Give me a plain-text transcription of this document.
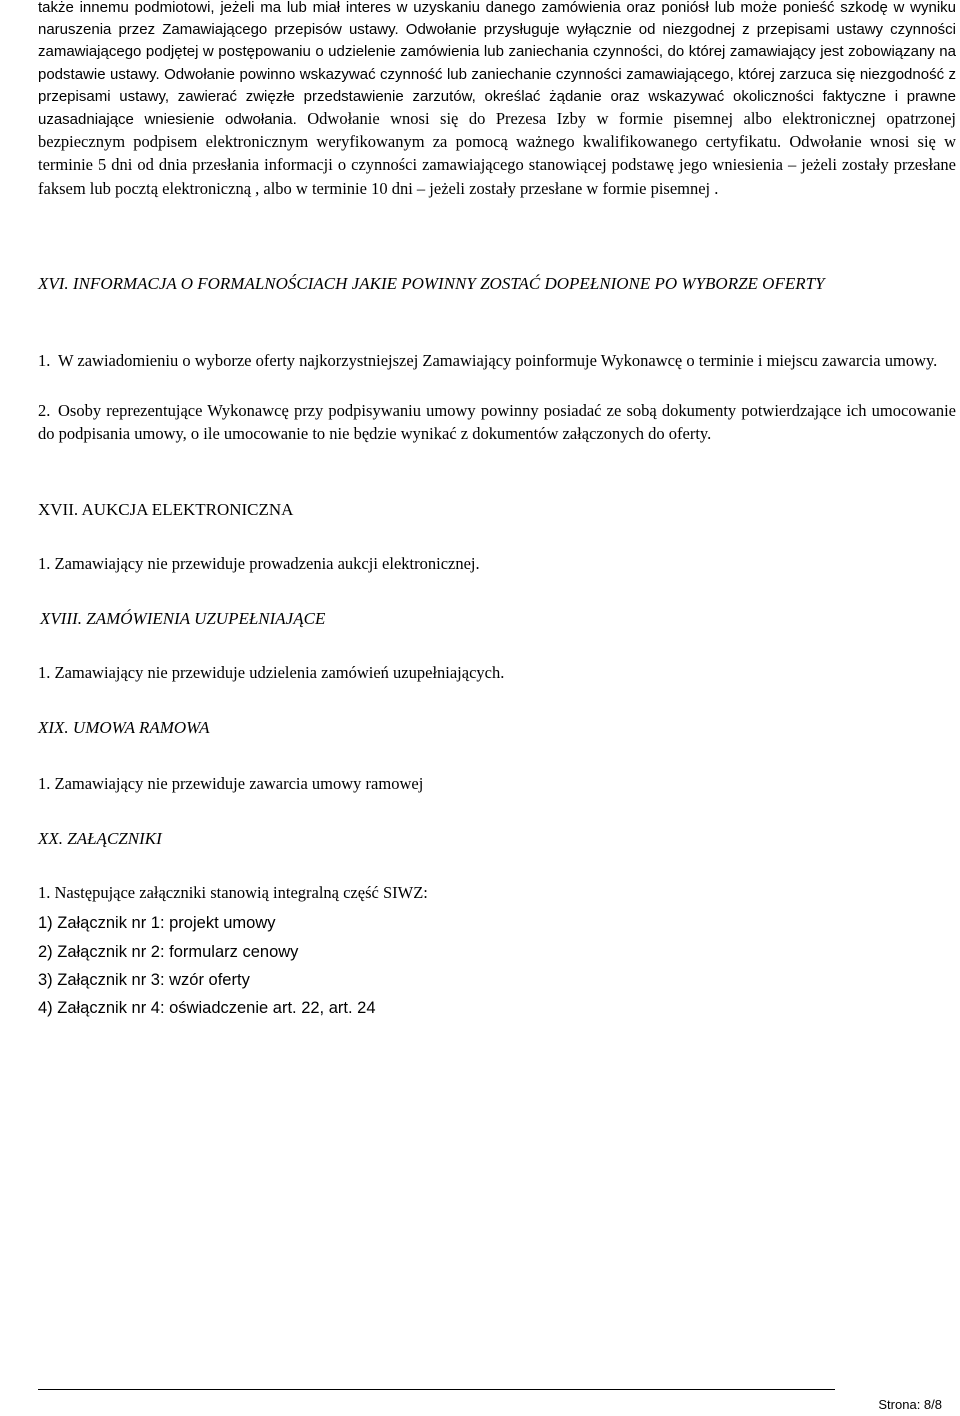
także innemu podmiotowi, jeżeli ma lub miał interes w uzyskaniu danego zamówienia oraz poniósł lub może ponieść szkodę w wyniku naruszenia przez Zamawiającego przepisów ustawy. Odwołanie przysługuje wyłącznie od niezgodnej z przepisami ustawy czynności zamawiającego podjętej w postępowaniu o udzielenie zamówienia lub zaniechania czynności, do której zamawiający jest zobowiązany na podstawie ustawy. Odwołanie powinno wskazywać czynność lub zaniechanie czynności zamawiającego, której zarzuca się niezgodność z przepisami ustawy, zawierać zwięzłe przedstawienie zarzutów, określać żądanie oraz wskazywać okoliczności faktyczne i prawne uzasadniające wniesienie odwołania. Odwołanie wnosi się do Prezesa Izby w formie pisemnej albo elektronicznej opatrzonej bezpiecznym podpisem elektronicznym weryfikowanym za pomocą ważnego kwalifikowanego certyfikatu. Odwołanie wnosi się w terminie 5 dni od dnia przesłania informacji o czynności zamawiającego stanowiącej podstawę jego wniesienia – jeżeli zostały przesłane faksem lub pocztą elektroniczną , albo w terminie 10 dni – jeżeli zostały przesłane w formie pisemnej .

XVI. INFORMACJA O FORMALNOŚCIACH JAKIE POWINNY ZOSTAĆ DOPEŁNIONE PO WYBORZE OFERTY
1. W zawiadomieniu o wyborze oferty najkorzystniejszej Zamawiający poinformuje Wykonawcę o terminie i miejscu zawarcia umowy.
2. Osoby reprezentujące Wykonawcę przy podpisywaniu umowy powinny posiadać ze sobą dokumenty potwierdzające ich umocowanie do podpisania umowy, o ile umocowanie to nie będzie wynikać z dokumentów załączonych do oferty.
XVII. AUKCJA ELEKTRONICZNA
1. Zamawiający nie przewiduje prowadzenia aukcji elektronicznej.
XVIII. ZAMÓWIENIA UZUPEŁNIAJĄCE
1. Zamawiający nie przewiduje udzielenia zamówień uzupełniających.
XIX. UMOWA RAMOWA
1. Zamawiający nie przewiduje zawarcia umowy ramowej
XX. ZAŁĄCZNIKI
1. Następujące załączniki stanowią integralną część SIWZ:
1) Załącznik nr 1: projekt umowy
2) Załącznik nr 2: formularz cenowy
3) Załącznik nr 3: wzór oferty
4) Załącznik nr 4: oświadczenie art. 22, art. 24
Strona: 8/8
